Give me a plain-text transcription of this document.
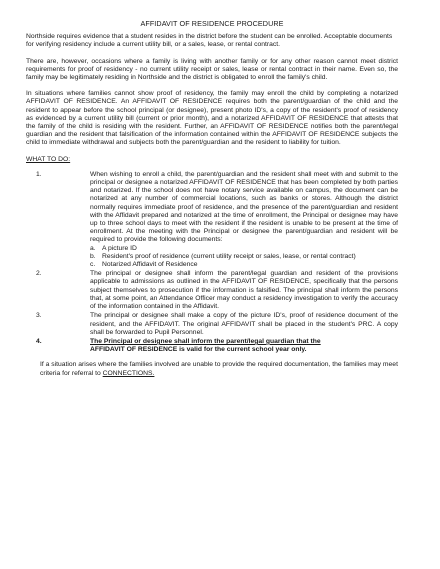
AFFIDAVIT OF RESIDENCE PROCEDURE

Northside requires evidence that a student resides in the district before the student can be enrolled. Acceptable documents for verifying residency include a current utility bill, or a sales, lease, or rental contract.

There are, however, occasions where a family is living with another family or for any other reason cannot meet district requirements for proof of residency - no current utility receipt or sales, lease or rental contract in their name. Even so, the family may be legitimately residing in Northside and the district is obligated to enroll the family's child.

In situations where families cannot show proof of residency, the family may enroll the child by completing a notarized AFFIDAVIT OF RESIDENCE. An AFFIDAVIT OF RESIDENCE requires both the parent/guardian of the child and the resident to appear before the school principal (or designee), present photo ID's, a copy of the resident's proof of residency as evidenced by a current utility bill (current or prior month), and a notarized AFFIDAVIT OF RESIDENCE that attests that the family of the child is residing with the resident. Further, an AFFIDAVIT OF RESIDENCE notifies both the parent/legal guardian and the resident that falsification of the information contained within the AFFIDAVIT OF RESIDENCE subjects the child to immediate withdrawal and subjects both the parent/guardian and the resident to liability for tuition.

WHAT TO DO:
1.	When wishing to enroll a child, the parent/guardian and the resident shall meet with and submit to the principal or designee a notarized AFFIDAVIT OF RESIDENCE that has been completed by both parties and notarized. If the school does not have notary service available on campus, the document can be notarized at any number of commercial locations, such as banks or stores. Although the district normally requires immediate proof of residence, and the presence of the parent/guardian and resident with the Affidavit prepared and notarized at the time of enrollment, the Principal or designee may have up to three school days to meet with the resident if the resident is unable to be present at the time of enrollment. At the meeting with the Principal or designee the parent/guardian and resident will be required to provide the following documents:
a. A picture ID
b. Resident's proof of residence (current utility receipt or sales, lease, or rental contract)
c. Notarized Affidavit of Residence
2.	The principal or designee shall inform the parent/legal guardian and resident of the provisions applicable to admissions as outlined in the AFFIDAVIT OF RESIDENCE, specifically that the persons subject themselves to prosecution if the information is falsified. The principal shall inform the persons that, at some point, an Attendance Officer may conduct a residency investigation to verify the accuracy of the information contained in the Affidavit.
3.	The principal or designee shall make a copy of the picture ID's, proof of residence document of the resident, and the AFFIDAVIT. The original AFFIDAVIT shall be placed in the student's PRC. A copy shall be forwarded to Pupil Personnel.
4.	The Principal or designee shall inform the parent/legal guardian that the
AFFIDAVIT OF RESIDENCE is valid for the current school year only.

If a situation arises where the families involved are unable to provide the required documentation, the families may meet criteria for referral to CONNECTIONS.
